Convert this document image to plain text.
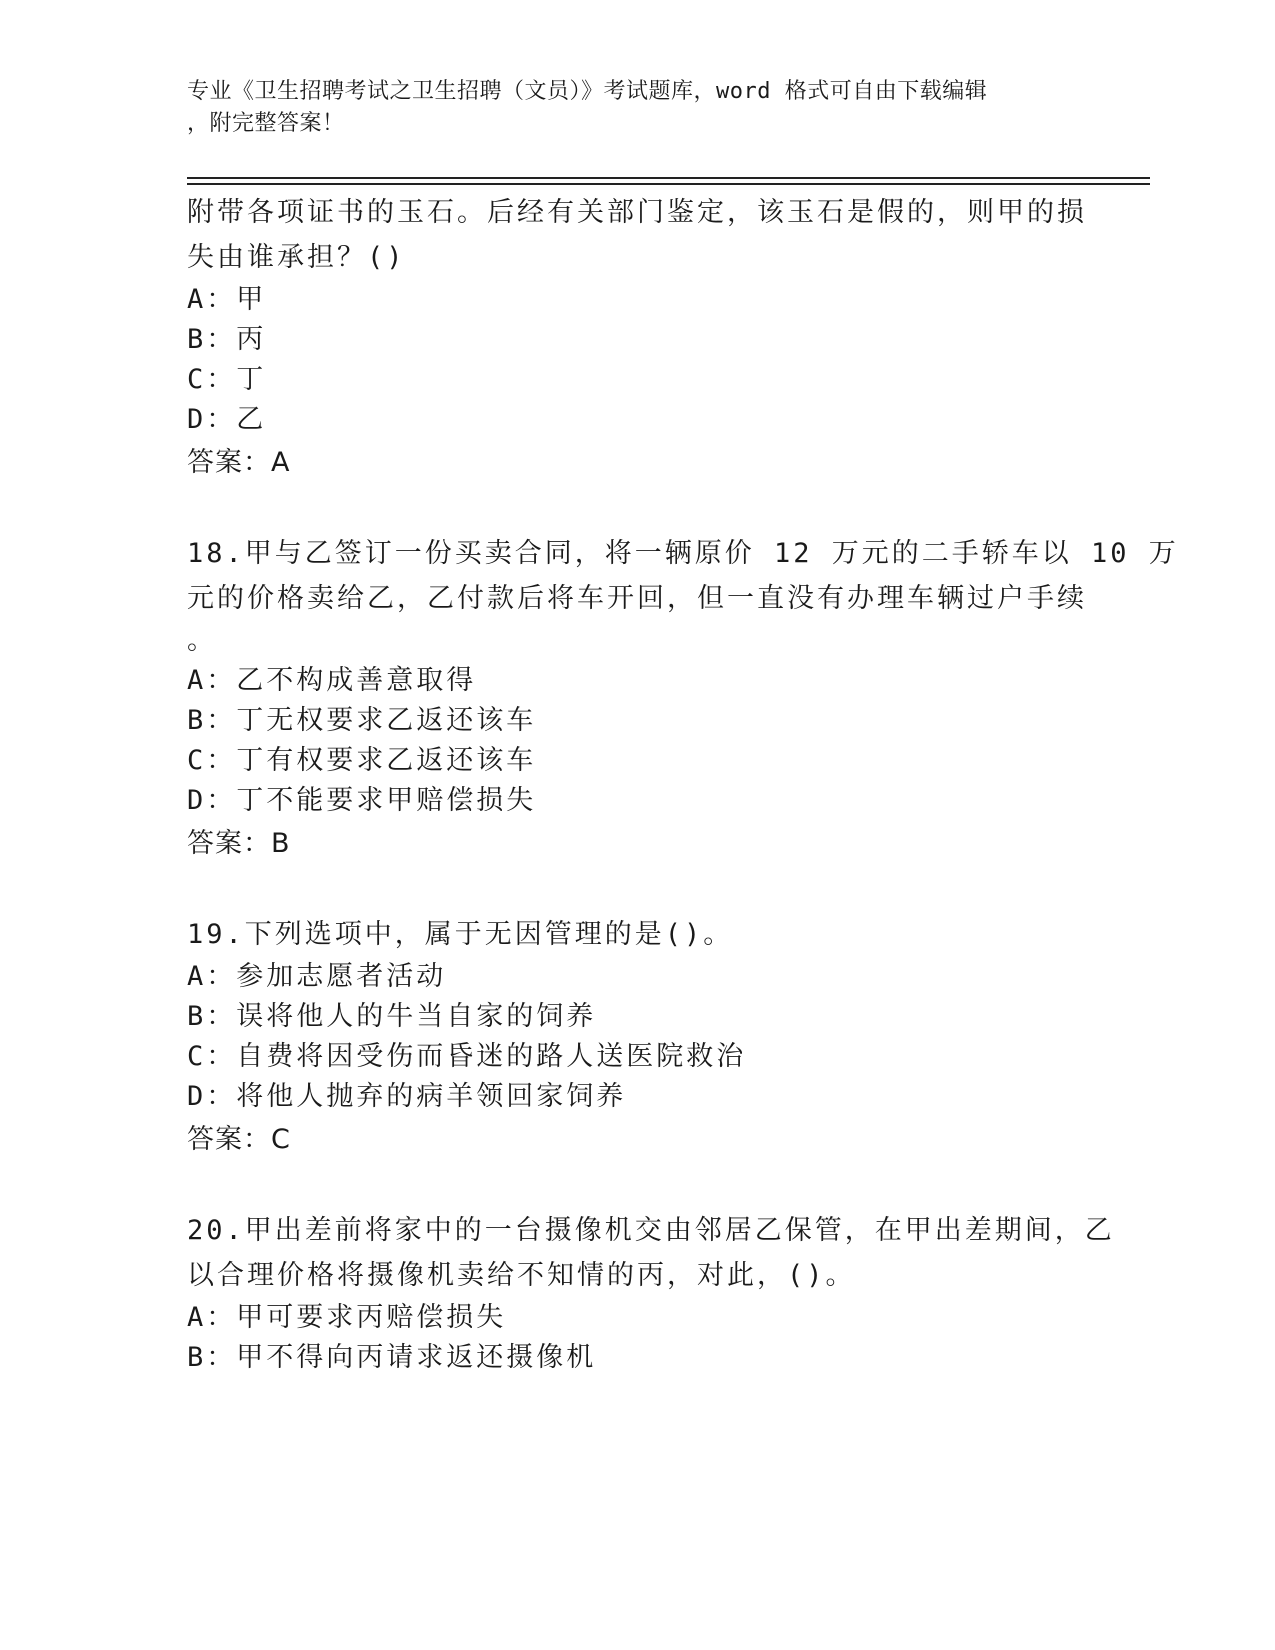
专业《卫生招聘考试之卫生招聘（文员）》考试题库，word 格式可自由下载编辑
，附完整答案！
附带各项证书的玉石。后经有关部门鉴定，该玉石是假的，则甲的损
失由谁承担？()
A：甲
B：丙
C：丁
D：乙
答案：A
18.甲与乙签订一份买卖合同，将一辆原价 12 万元的二手轿车以 10 万
元的价格卖给乙，乙付款后将车开回，但一直没有办理车辆过户手续
。
A：乙不构成善意取得
B：丁无权要求乙返还该车
C：丁有权要求乙返还该车
D：丁不能要求甲赔偿损失
答案：B
19.下列选项中，属于无因管理的是()。
A：参加志愿者活动
B：误将他人的牛当自家的饲养
C：自费将因受伤而昏迷的路人送医院救治
D：将他人抛弃的病羊领回家饲养
答案：C
20.甲出差前将家中的一台摄像机交由邻居乙保管，在甲出差期间，乙
以合理价格将摄像机卖给不知情的丙，对此，()。
A：甲可要求丙赔偿损失
B：甲不得向丙请求返还摄像机
